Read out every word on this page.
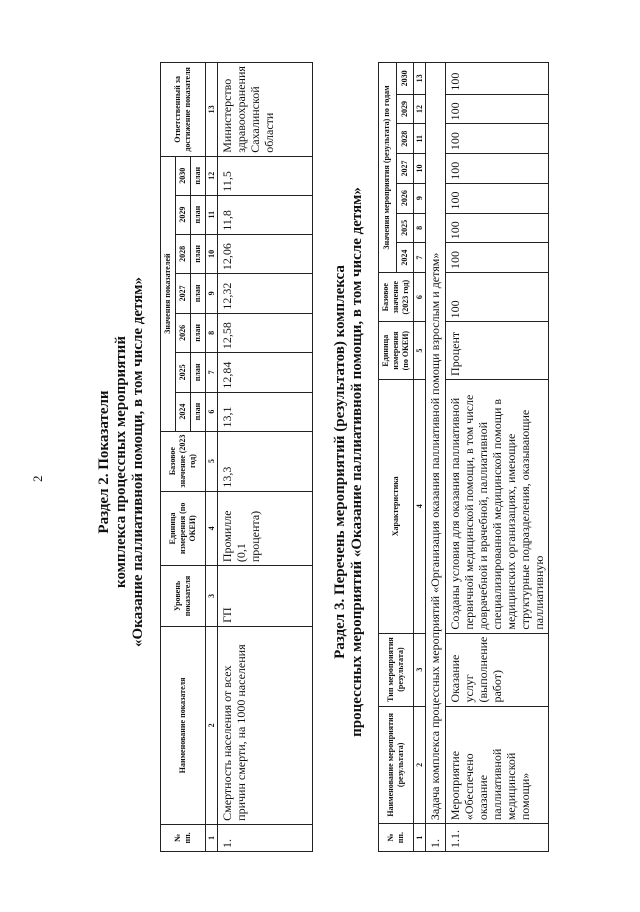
2	Раздел 2. Показатели комплекса процессных мероприятий «Оказание паллиативной помощи, в том числе детям»
№ пп.	Наименование показателя	Уровень показателя	Единица измерения (по ОКЕИ)	Базовое значение (2023 год)	Значения показателей							Ответственный за достижение показателя
					2024	2025	2026	2027	2028	2029	2030	
					план	план	план	план	план	план	план	
1	2	3	4	5	6	7	8	9	10	11	12	13
1.	Смертность населения от всех причин смерти, на 1000 населения	ГП	Промилле (0,1 процента)	13,3	13,1	12,84	12,58	12,32	12,06	11,8	11,5	Министерство здравоохранения Сахалинской области
Раздел 3. Перечень мероприятий (результатов) комплекса процессных мероприятий «Оказание паллиативной помощи, в том числе детям»
№ пп.	Наименование мероприятия (результата)	Тип мероприятия (результата)	Характеристика	Единица измерения (по ОКЕИ)	Базовое значение (2023 год)	Значения мероприятия (результата) по годам						
						2024	2025	2026	2027	2028	2029	2030
1	2	3	4	5	6	7	8	9	10	11	12	13
1.	Задача комплекса процессных мероприятий «Организация оказания паллиативной помощи взрослым и детям»											
1.1.	Мероприятие «Обеспечено оказание паллиативной медицинской помощи»	Оказание услуг (выполнение работ)	Созданы условия для оказания паллиативной первичной медицинской помощи, в том числе доврачебной и врачебной, паллиативной специализированной медицинской помощи в медицинских организациях, имеющие структурные подразделения, оказывающие паллиативную	Процент	100	100	100	100	100	100	100	100
